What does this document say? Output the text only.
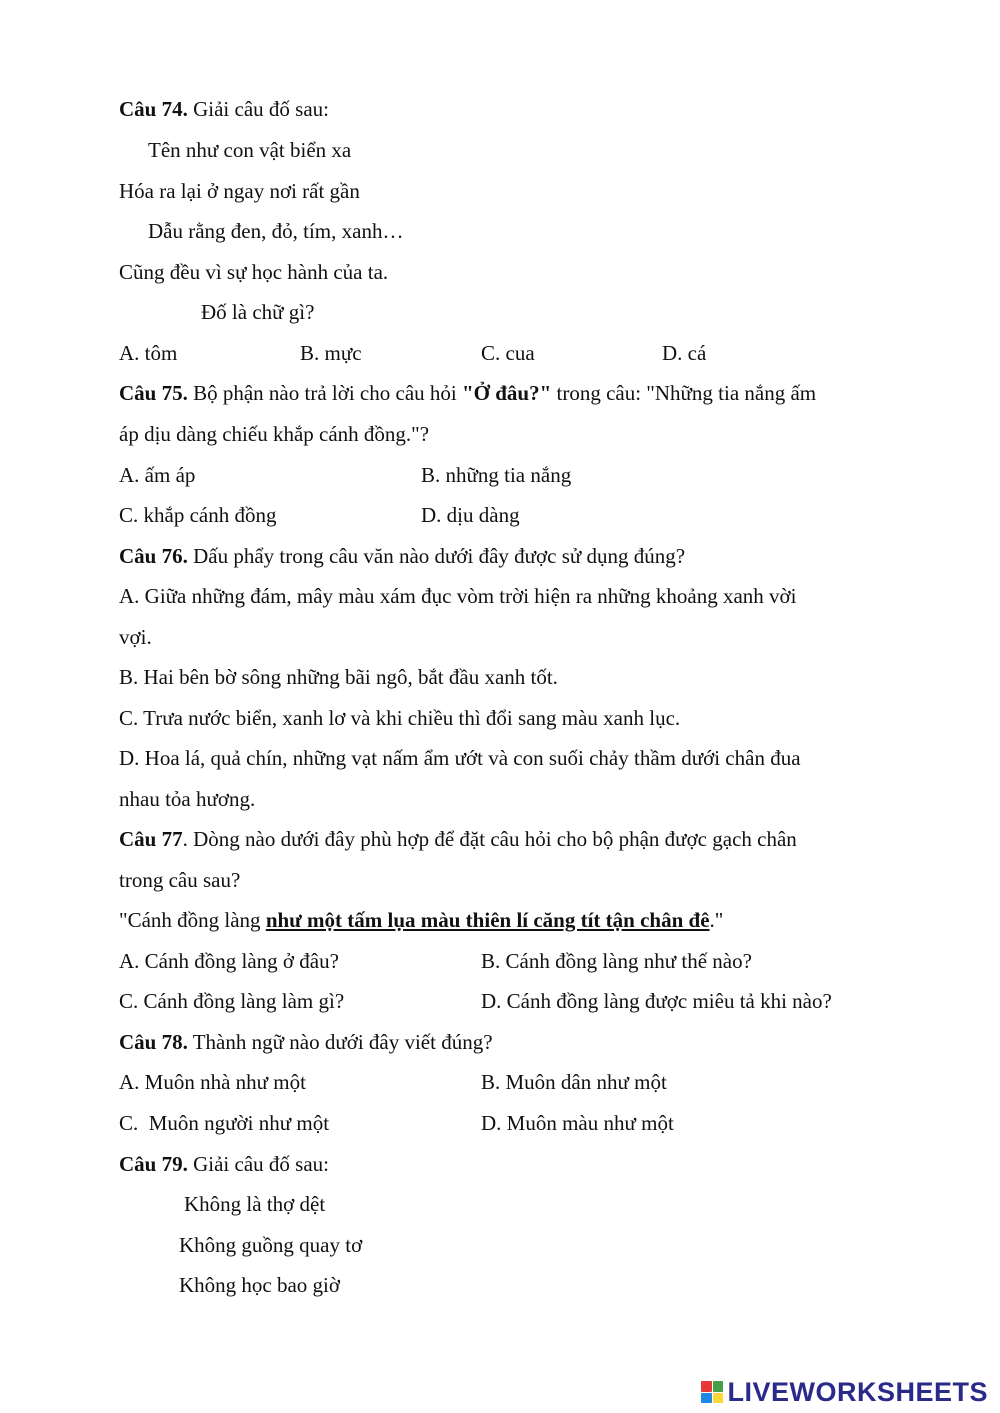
Câu 74. Giải câu đố sau:
Tên như con vật biển xa
Hóa ra lại ở ngay nơi rất gần
Dẫu rằng đen, đỏ, tím, xanh…
Cũng đều vì sự học hành của ta.
Đố là chữ gì?
A. tôm	B. mực	C. cua	D. cá
Câu 75. Bộ phận nào trả lời cho câu hỏi "Ở đâu?" trong câu: "Những tia nắng ấm
áp dịu dàng chiếu khắp cánh đồng."?
A. ấm áp	B. những tia nắng
C. khắp cánh đồng	D. dịu dàng
Câu 76. Dấu phẩy trong câu văn nào dưới đây được sử dụng đúng?
A. Giữa những đám, mây màu xám đục vòm trời hiện ra những khoảng xanh vời
vợi.
B. Hai bên bờ sông những bãi ngô, bắt đầu xanh tốt.
C. Trưa nước biển, xanh lơ và khi chiều thì đổi sang màu xanh lục.
D. Hoa lá, quả chín, những vạt nấm ẩm ướt và con suối chảy thầm dưới chân đua
nhau tỏa hương.
Câu 77. Dòng nào dưới đây phù hợp để đặt câu hỏi cho bộ phận được gạch chân
trong câu sau?
"Cánh đồng làng như một tấm lụa màu thiên lí căng tít tận chân đê."
A. Cánh đồng làng ở đâu?	B. Cánh đồng làng như thế nào?
C. Cánh đồng làng làm gì?	D. Cánh đồng làng được miêu tả khi nào?
Câu 78. Thành ngữ nào dưới đây viết đúng?
A. Muôn nhà như một	B. Muôn dân như một
C.  Muôn người như một	D. Muôn màu như một
Câu 79. Giải câu đố sau:
Không là thợ dệt
Không guồng quay tơ
Không học bao giờ
LIVEWORKSHEETS
